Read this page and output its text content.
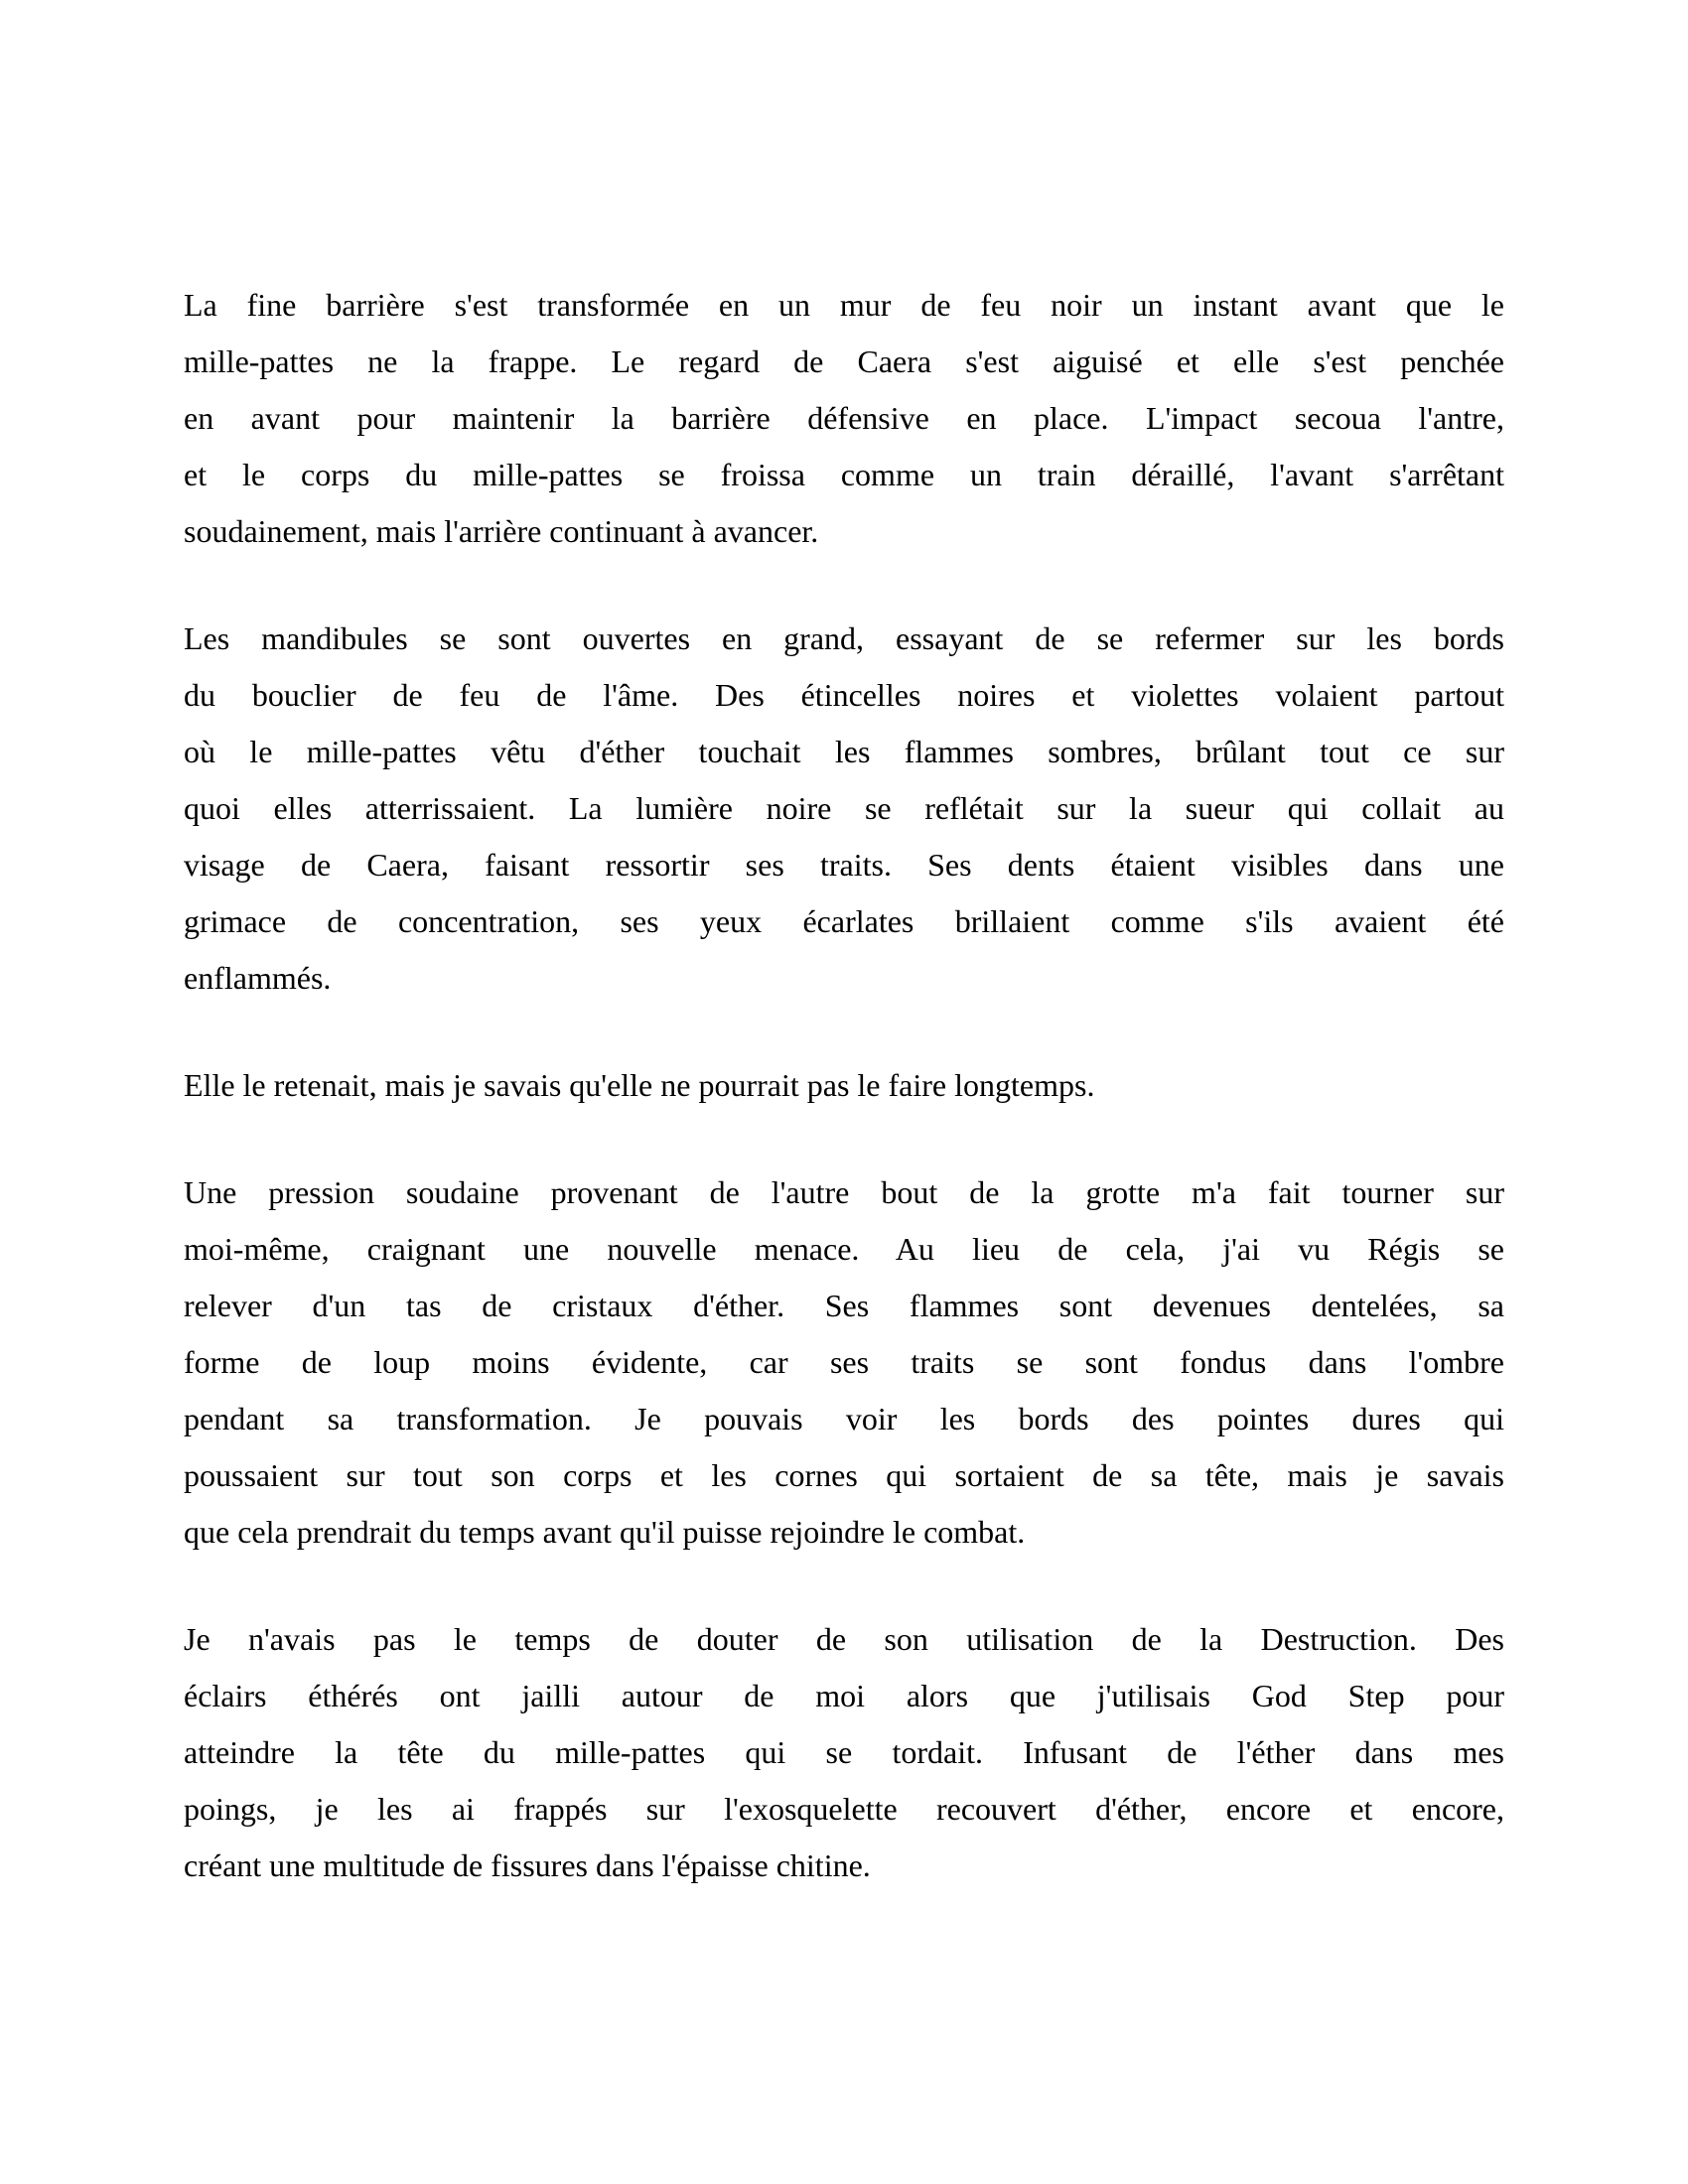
La fine barrière s'est transformée en un mur de feu noir un instant avant que le
mille-pattes ne la frappe. Le regard de Caera s'est aiguisé et elle s'est penchée
en avant pour maintenir la barrière défensive en place. L'impact secoua l'antre,
et le corps du mille-pattes se froissa comme un train déraillé, l'avant s'arrêtant
soudainement, mais l'arrière continuant à avancer.
Les mandibules se sont ouvertes en grand, essayant de se refermer sur les bords
du bouclier de feu de l'âme. Des étincelles noires et violettes volaient partout
où le mille-pattes vêtu d'éther touchait les flammes sombres, brûlant tout ce sur
quoi elles atterrissaient. La lumière noire se reflétait sur la sueur qui collait au
visage de Caera, faisant ressortir ses traits. Ses dents étaient visibles dans une
grimace de concentration, ses yeux écarlates brillaient comme s'ils avaient été
enflammés.
Elle le retenait, mais je savais qu'elle ne pourrait pas le faire longtemps.
Une pression soudaine provenant de l'autre bout de la grotte m'a fait tourner sur
moi-même, craignant une nouvelle menace. Au lieu de cela, j'ai vu Régis se
relever d'un tas de cristaux d'éther. Ses flammes sont devenues dentelées, sa
forme de loup moins évidente, car ses traits se sont fondus dans l'ombre
pendant sa transformation. Je pouvais voir les bords des pointes dures qui
poussaient sur tout son corps et les cornes qui sortaient de sa tête, mais je savais
que cela prendrait du temps avant qu'il puisse rejoindre le combat.
Je n'avais pas le temps de douter de son utilisation de la Destruction. Des
éclairs éthérés ont jailli autour de moi alors que j'utilisais God Step pour
atteindre la tête du mille-pattes qui se tordait. Infusant de l'éther dans mes
poings, je les ai frappés sur l'exosquelette recouvert d'éther, encore et encore,
créant une multitude de fissures dans l'épaisse chitine.
